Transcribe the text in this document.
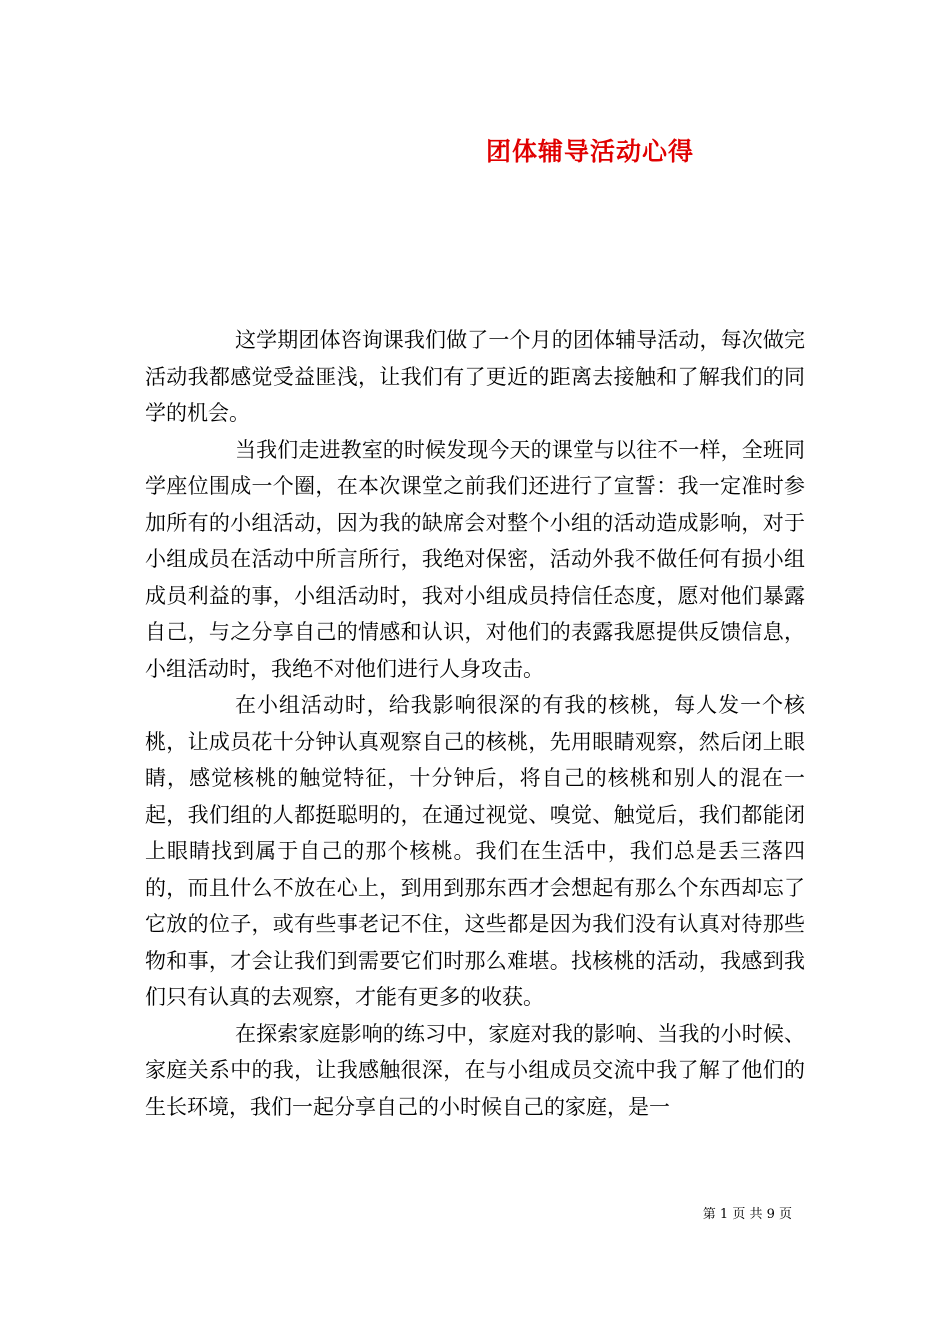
团体辅导活动心得

这学期团体咨询课我们做了一个月的团体辅导活动，每次做完活动我都感觉受益匪浅，让我们有了更近的距离去接触和了解我们的同学的机会。

当我们走进教室的时候发现今天的课堂与以往不一样，全班同学座位围成一个圈，在本次课堂之前我们还进行了宣誓：我一定准时参加所有的小组活动，因为我的缺席会对整个小组的活动造成影响，对于小组成员在活动中所言所行，我绝对保密，活动外我不做任何有损小组成员利益的事，小组活动时，我对小组成员持信任态度，愿对他们暴露自己，与之分享自己的情感和认识，对他们的表露我愿提供反馈信息，小组活动时，我绝不对他们进行人身攻击。

在小组活动时，给我影响很深的有我的核桃，每人发一个核桃，让成员花十分钟认真观察自己的核桃，先用眼睛观察，然后闭上眼睛，感觉核桃的触觉特征，十分钟后，将自己的核桃和别人的混在一起，我们组的人都挺聪明的，在通过视觉、嗅觉、触觉后，我们都能闭上眼睛找到属于自己的那个核桃。我们在生活中，我们总是丢三落四的，而且什么不放在心上，到用到那东西才会想起有那么个东西却忘了它放的位子，或有些事老记不住，这些都是因为我们没有认真对待那些物和事，才会让我们到需要它们时那么难堪。找核桃的活动，我感到我们只有认真的去观察，才能有更多的收获。

在探索家庭影响的练习中，家庭对我的影响、当我的小时候、家庭关系中的我，让我感触很深，在与小组成员交流中我了解了他们的生长环境，我们一起分享自己的小时候自己的家庭，是一

第 1 页 共 9 页
